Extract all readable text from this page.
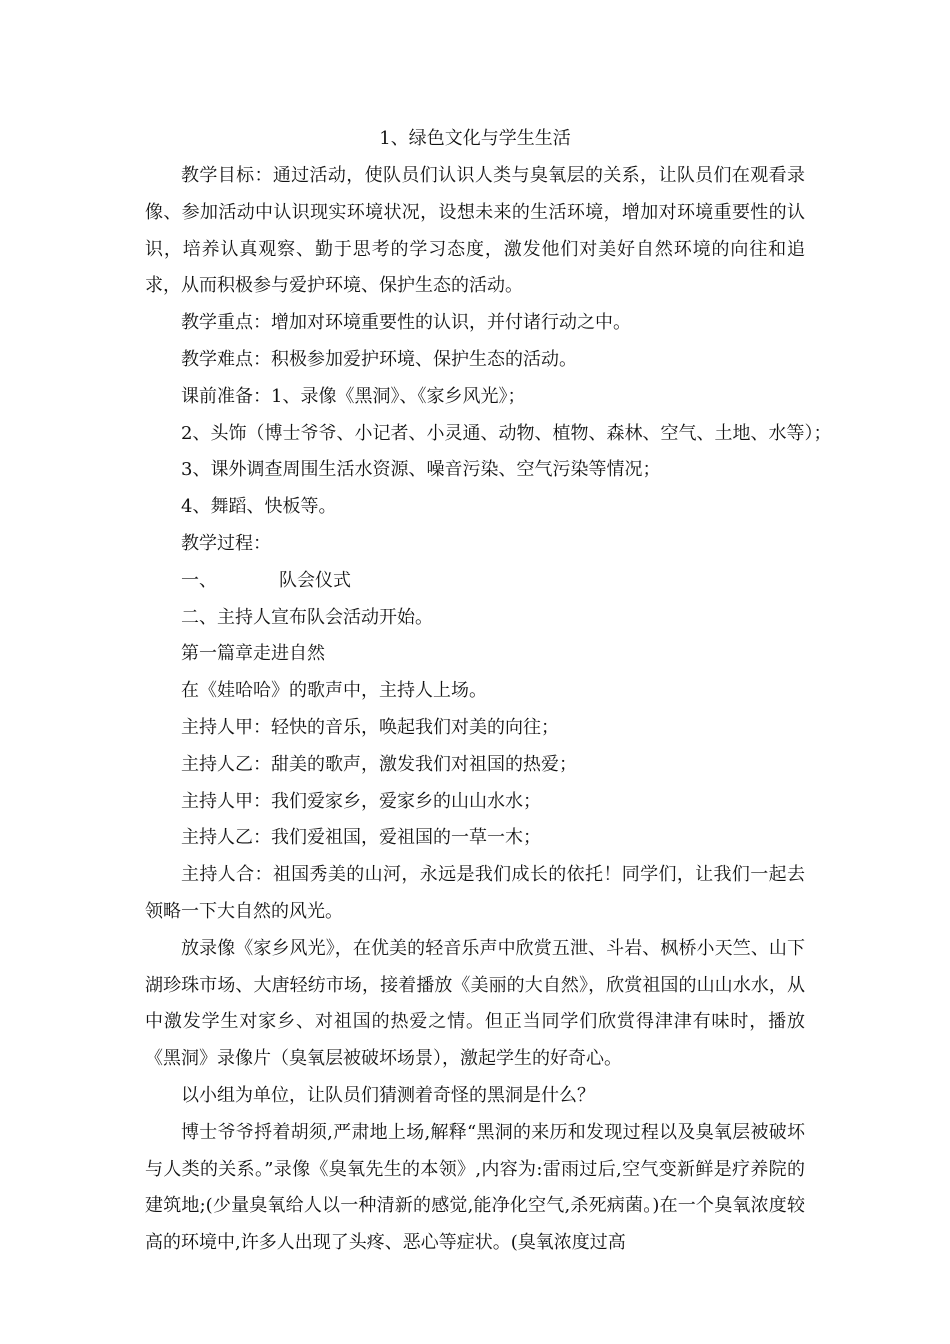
1、绿色文化与学生生活

教学目标：通过活动，使队员们认识人类与臭氧层的关系，让队员们在观看录像、参加活动中认识现实环境状况，设想未来的生活环境，增加对环境重要性的认识，培养认真观察、勤于思考的学习态度，激发他们对美好自然环境的向往和追求，从而积极参与爱护环境、保护生态的活动。

教学重点：增加对环境重要性的认识，并付诸行动之中。

教学难点：积极参加爱护环境、保护生态的活动。

课前准备：1、录像《黑洞》、《家乡风光》；

2、头饰（博士爷爷、小记者、小灵通、动物、植物、森林、空气、土地、水等）；

3、课外调查周围生活水资源、噪音污染、空气污染等情况；

4、舞蹈、快板等。

教学过程：

一、	队会仪式

二、主持人宣布队会活动开始。

第一篇章走进自然

在《娃哈哈》的歌声中，主持人上场。

主持人甲：轻快的音乐，唤起我们对美的向往；

主持人乙：甜美的歌声，激发我们对祖国的热爱；

主持人甲：我们爱家乡，爱家乡的山山水水；

主持人乙：我们爱祖国，爱祖国的一草一木；

主持人合：祖国秀美的山河，永远是我们成长的依托！同学们，让我们一起去领略一下大自然的风光。

放录像《家乡风光》，在优美的轻音乐声中欣赏五泄、斗岩、枫桥小天竺、山下湖珍珠市场、大唐轻纺市场，接着播放《美丽的大自然》，欣赏祖国的山山水水，从中激发学生对家乡、对祖国的热爱之情。但正当同学们欣赏得津津有味时，播放《黑洞》录像片（臭氧层被破坏场景），激起学生的好奇心。

以小组为单位，让队员们猜测着奇怪的黑洞是什么？

博士爷爷捋着胡须,严肃地上场,解释“黑洞的来历和发现过程以及臭氧层被破坏与人类的关系。”录像《臭氧先生的本领》,内容为:雷雨过后,空气变新鲜是疗养院的建筑地;(少量臭氧给人以一种清新的感觉,能净化空气,杀死病菌。)在一个臭氧浓度较高的环境中,许多人出现了头疼、恶心等症状。(臭氧浓度过高
